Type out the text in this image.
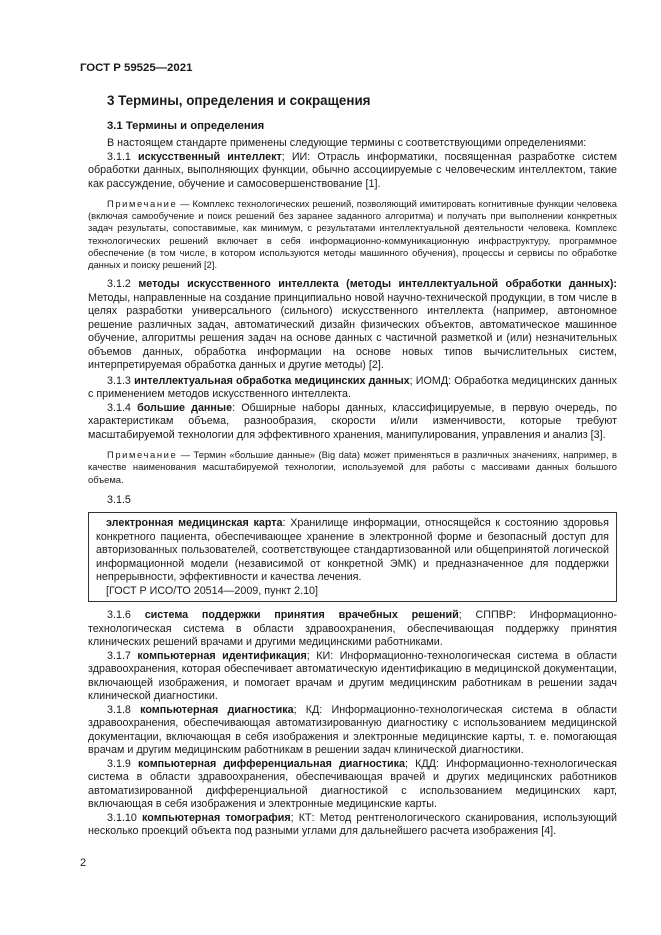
ГОСТ Р 59525—2021
3 Термины, определения и сокращения
3.1 Термины и определения

В настоящем стандарте применены следующие термины с соответствующими определениями:

3.1.1 искусственный интеллект; ИИ: Отрасль информатики, посвященная разработке систем обработки данных, выполняющих функции, обычно ассоциируемые с человеческим интеллектом, такие как рассуждение, обучение и самосовершенствование [1].

Примечание — Комплекс технологических решений, позволяющий имитировать когнитивные функции человека (включая самообучение и поиск решений без заранее заданного алгоритма) и получать при выполнении конкретных задач результаты, сопоставимые, как минимум, с результатами интеллектуальной деятельности человека. Комплекс технологических решений включает в себя информационно-коммуникационную инфраструктуру, программное обеспечение (в том числе, в котором используются методы машинного обучения), процессы и сервисы по обработке данных и поиску решений [2].

3.1.2 методы искусственного интеллекта (методы интеллектуальной обработки данных): Методы, направленные на создание принципиально новой научно-технической продукции, в том числе в целях разработки универсального (сильного) искусственного интеллекта (например, автономное решение различных задач, автоматический дизайн физических объектов, автоматическое машинное обучение, алгоритмы решения задач на основе данных с частичной разметкой и (или) незначительных объемов данных, обработка информации на основе новых типов вычислительных систем, интерпретируемая обработка данных и другие методы) [2].

3.1.3 интеллектуальная обработка медицинских данных; ИОМД: Обработка медицинских данных с применением методов искусственного интеллекта.

3.1.4 большие данные: Обширные наборы данных, классифицируемые, в первую очередь, по характеристикам объема, разнообразия, скорости и/или изменчивости, которые требуют масштабируемой технологии для эффективного хранения, манипулирования, управления и анализ [3].

Примечание — Термин «большие данные» (Big data) может применяться в различных значениях, например, в качестве наименования масштабируемой технологии, используемой для работы с массивами данных большого объема.

3.1.5

электронная медицинская карта: Хранилище информации, относящейся к состоянию здоровья конкретного пациента, обеспечивающее хранение в электронной форме и безопасный доступ для авторизованных пользователей, соответствующее стандартизованной или общепринятой логической информационной модели (независимой от конкретной ЭМК) и предназначенное для поддержки непрерывности, эффективности и качества лечения.

[ГОСТ Р ИСО/ТО 20514—2009, пункт 2.10]

3.1.6 система поддержки принятия врачебных решений; СППВР: Информационно-технологическая система в области здравоохранения, обеспечивающая поддержку принятия клинических решений врачами и другими медицинскими работниками.

3.1.7 компьютерная идентификация; КИ: Информационно-технологическая система в области здравоохранения, которая обеспечивает автоматическую идентификацию в медицинской документации, включающей изображения, и помогает врачам и другим медицинским работникам в решении задач клинической диагностики.

3.1.8 компьютерная диагностика; КД: Информационно-технологическая система в области здравоохранения, обеспечивающая автоматизированную диагностику с использованием медицинской документации, включающая в себя изображения и электронные медицинские карты, т. е. помогающая врачам и другим медицинским работникам в решении задач клинической диагностики.

3.1.9 компьютерная дифференциальная диагностика; КДД: Информационно-технологическая система в области здравоохранения, обеспечивающая врачей и других медицинских работников автоматизированной дифференциальной диагностикой с использованием медицинских карт, включающая в себя изображения и электронные медицинские карты.

3.1.10 компьютерная томография; КТ: Метод рентгенологического сканирования, использующий несколько проекций объекта под разными углами для дальнейшего расчета изображения [4].

2
